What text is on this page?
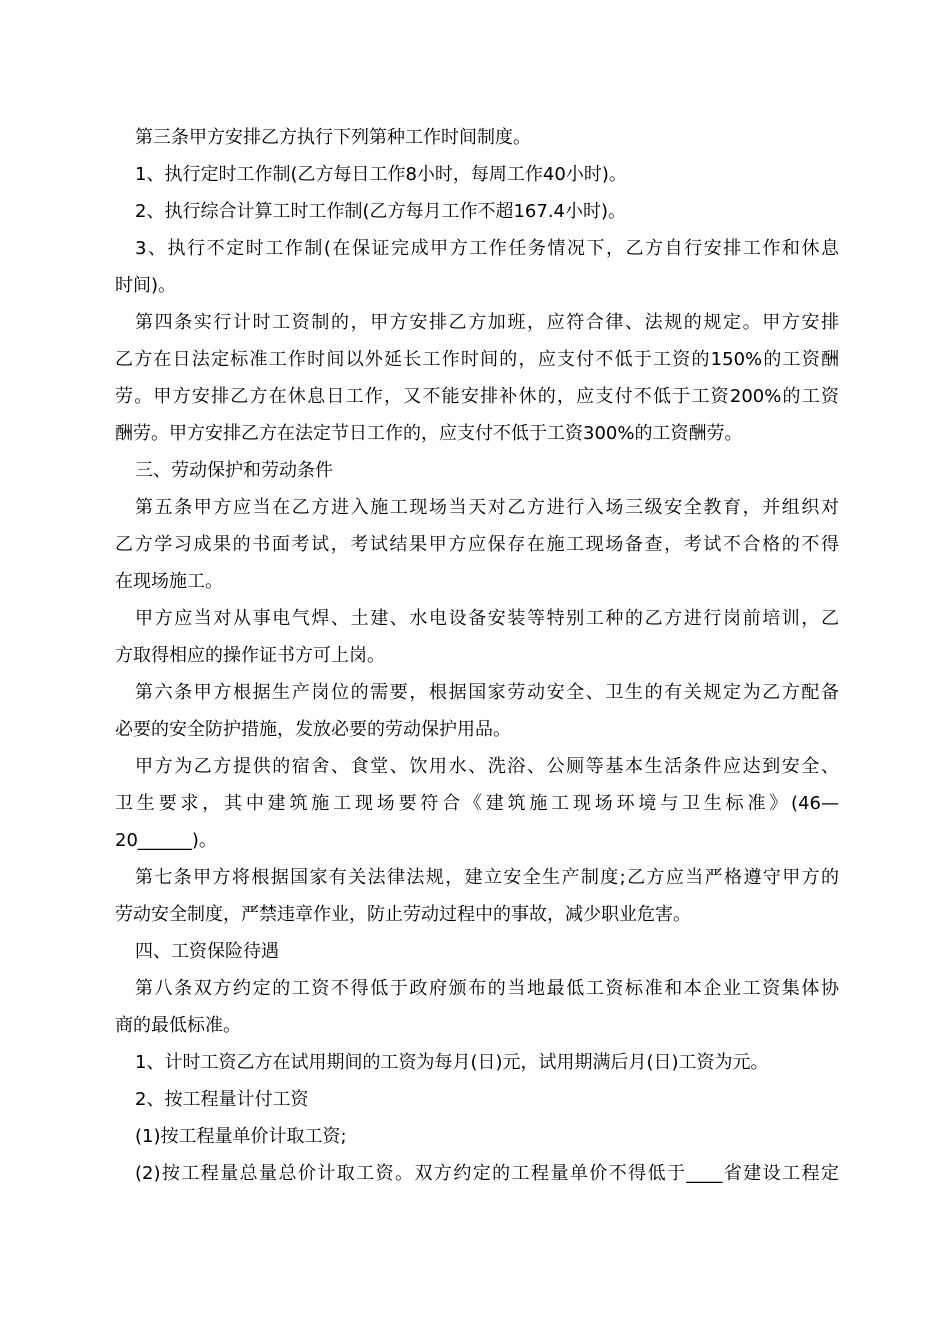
第三条甲方安排乙方执行下列第种工作时间制度。
1、执行定时工作制(乙方每日工作8小时，每周工作40小时)。
2、执行综合计算工时工作制(乙方每月工作不超167.4小时)。
3、执行不定时工作制(在保证完成甲方工作任务情况下，乙方自行安排工作和休息
时间)。
第四条实行计时工资制的，甲方安排乙方加班，应符合律、法规的规定。甲方安排
乙方在日法定标准工作时间以外延长工作时间的，应支付不低于工资的150%的工资酬
劳。甲方安排乙方在休息日工作，又不能安排补休的，应支付不低于工资200%的工资
酬劳。甲方安排乙方在法定节日工作的，应支付不低于工资300%的工资酬劳。
三、劳动保护和劳动条件
第五条甲方应当在乙方进入施工现场当天对乙方进行入场三级安全教育，并组织对
乙方学习成果的书面考试，考试结果甲方应保存在施工现场备查，考试不合格的不得
在现场施工。
甲方应当对从事电气焊、土建、水电设备安装等特别工种的乙方进行岗前培训，乙
方取得相应的操作证书方可上岗。
第六条甲方根据生产岗位的需要，根据国家劳动安全、卫生的有关规定为乙方配备
必要的安全防护措施，发放必要的劳动保护用品。
甲方为乙方提供的宿舍、食堂、饮用水、洗浴、公厕等基本生活条件应达到安全、
卫生要求，其中建筑施工现场要符合《建筑施工现场环境与卫生标准》(46—
20______)。
第七条甲方将根据国家有关法律法规，建立安全生产制度;乙方应当严格遵守甲方的
劳动安全制度，严禁违章作业，防止劳动过程中的事故，减少职业危害。
四、工资保险待遇
第八条双方约定的工资不得低于政府颁布的当地最低工资标准和本企业工资集体协
商的最低标准。
1、计时工资乙方在试用期间的工资为每月(日)元，试用期满后月(日)工资为元。
2、按工程量计付工资
(1)按工程量单价计取工资;
(2)按工程量总量总价计取工资。双方约定的工程量单价不得低于____省建设工程定
